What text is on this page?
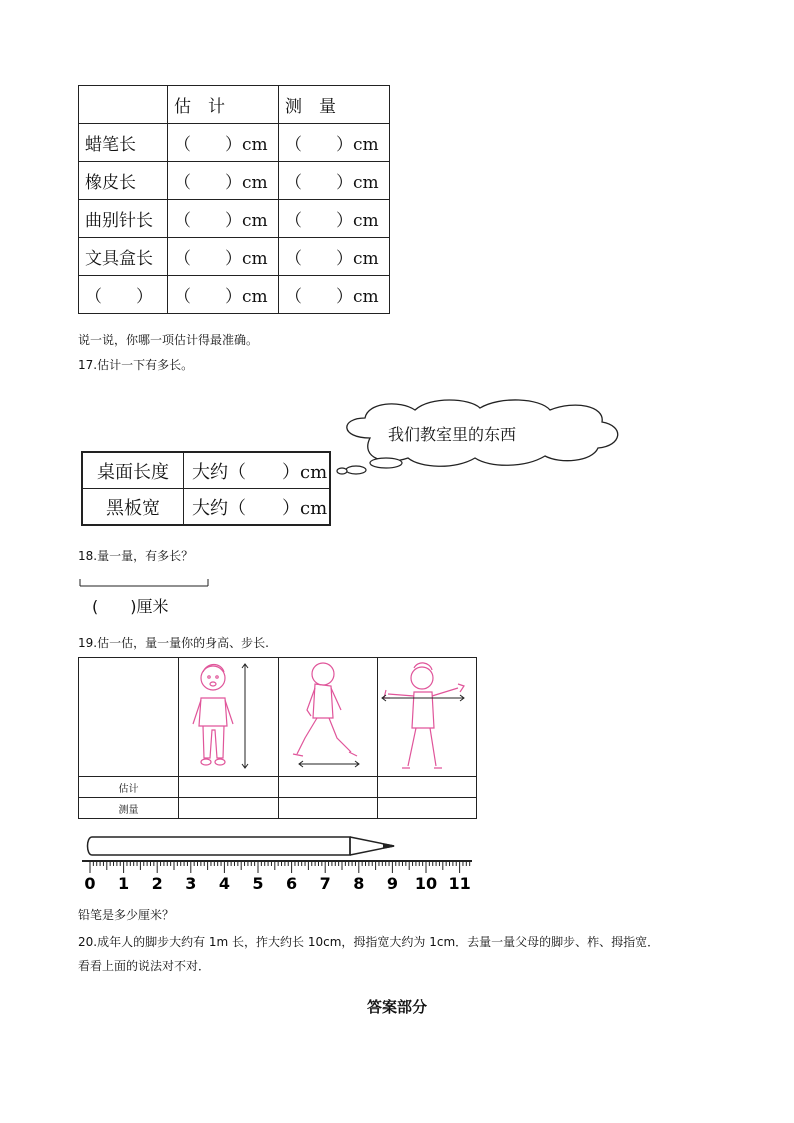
	估　计	测　量
蜡笔长	（　　）cm	（　　）cm
橡皮长	（　　）cm	（　　）cm
曲别针长	（　　）cm	（　　）cm
文具盒长	（　　）cm	（　　）cm
（　　）	（　　）cm	（　　）cm
说一说，你哪一项估计得最准确。
17.估计一下有多长。
我们教室里的东西
桌面长度	大约（　　）cm
黑板宽	大约（　　）cm
18.量一量，有多长？
(　　)厘米
19.估一估，量一量你的身高、步长.

估计			
测量			
0 1 2 3 4 5 6 7 8 9 10 11
铅笔是多少厘米？
20.成年人的脚步大约有 1m 长，拃大约长 10cm，拇指宽大约为 1cm．去量一量父母的脚步、柞、拇指宽．
看看上面的说法对不对．
答案部分
